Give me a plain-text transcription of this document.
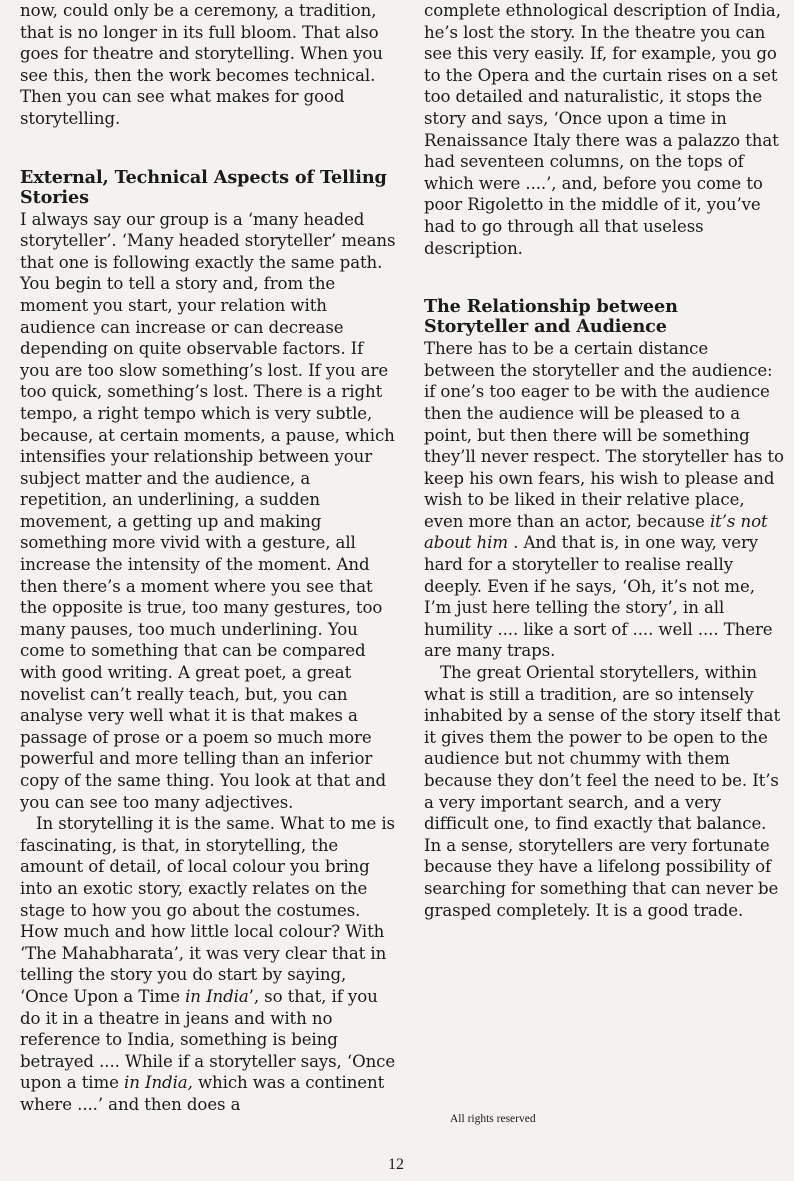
now, could only be a ceremony, a tradition, that is no longer in its full bloom. That also goes for theatre and storytelling. When you see this, then the work becomes technical. Then you can see what makes for good storytelling.

External, Technical Aspects of Telling Stories

I always say our group is a ‘many headed storyteller’. ‘Many headed storyteller’ means that one is following exactly the same path. You begin to tell a story and, from the moment you start, your relation with audience can increase or can decrease depending on quite observable factors. If you are too slow something’s lost. If you are too quick, something’s lost. There is a right tempo, a right tempo which is very subtle, because, at certain moments, a pause, which intensifies your relationship between your subject matter and the audience, a repetition, an underlining, a sudden movement, a getting up and making something more vivid with a gesture, all increase the intensity of the moment. And then there’s a moment where you see that the opposite is true, too many gestures, too many pauses, too much underlining. You come to something that can be compared with good writing. A great poet, a great novelist can’t really teach, but, you can analyse very well what it is that makes a passage of prose or a poem so much more powerful and more telling than an inferior copy of the same thing. You look at that and you can see too many adjectives.

In storytelling it is the same. What to me is fascinating, is that, in storytelling, the amount of detail, of local colour you bring into an exotic story, exactly relates on the stage to how you go about the costumes. How much and how little local colour? With ‘The Mahabharata’, it was very clear that in telling the story you do start by saying, ‘Once Upon a Time in India’, so that, if you do it in a theatre in jeans and with no reference to India, something is being betrayed .... While if a storyteller says, ‘Once upon a time in India, which was a continent where ....’ and then does a

complete ethnological description of India, he’s lost the story. In the theatre you can see this very easily. If, for example, you go to the Opera and the curtain rises on a set too detailed and naturalistic, it stops the story and says, ‘Once upon a time in Renaissance Italy there was a palazzo that had seventeen columns, on the tops of which were ....’, and, before you come to poor Rigoletto in the middle of it, you’ve had to go through all that useless description.

The Relationship between Storyteller and Audience

There has to be a certain distance between the storyteller and the audience: if one’s too eager to be with the audience then the audience will be pleased to a point, but then there will be something they’ll never respect. The storyteller has to keep his own fears, his wish to please and wish to be liked in their relative place, even more than an actor, because it’s not about him . And that is, in one way, very hard for a storyteller to realise really deeply. Even if he says, ‘Oh, it’s not me, I’m just here telling the story’, in all humility .... like a sort of .... well .... There are many traps.

The great Oriental storytellers, within what is still a tradition, are so intensely inhabited by a sense of the story itself that it gives them the power to be open to the audience but not chummy with them because they don’t feel the need to be. It’s a very important search, and a very difficult one, to find exactly that balance. In a sense, storytellers are very fortunate because they have a lifelong possibility of searching for something that can never be grasped completely. It is a good trade.

All rights reserved
12
